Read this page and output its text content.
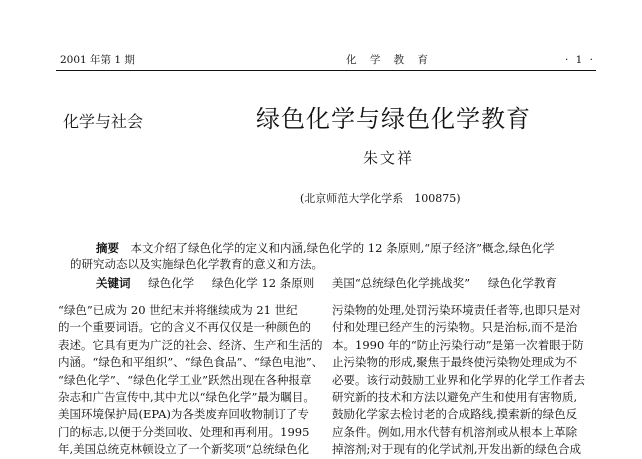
2001 年第 1 期	化 学 教 育	· 1 ·
化学与社会	绿色化学与绿色化学教育
朱文祥
(北京师范大学化学系　100875)
摘要　 本文介绍了绿色化学的定义和内涵,绿色化学的 12 条原则,“原子经济”概念,绿色化学
的研究动态以及实施绿色化学教育的意义和方法。
关键词 绿色化学 绿色化学 12 条原则 美国“总统绿色化学挑战奖” 绿色化学教育
“绿色”已成为 20 世纪末并将继续成为 21 世纪
的一个重要词语。它的含义不再仅仅是一种颜色的
表述。它具有更为广泛的社会、经济、生产和生活的
内涵。“绿色和平组织”、“绿色食品”、“绿色电池”、
“绿色化学”、“绿色化学工业”跃然出现在各种报章
杂志和广告宣传中,其中尤以“绿色化学”最为瞩目。
美国环境保护局(EPA)为各类废弃回收物制订了专
门的标志,以便于分类回收、处理和再利用。1995
年,美国总统克林顿设立了一个新奖项“总统绿色化
污染物的处理,处罚污染环境责任者等,也即只是对
付和处理已经产生的污染物。只是治标,而不是治
本。1990 年的“防止污染行动”是第一次着眼于防
止污染物的形成,聚焦于最终使污染物处理成为不
必要。该行动鼓励工业界和化学界的化学工作者去
研究新的技术和方法以避免产生和使用有害物质,
鼓励化学家去检讨老的合成路线,摸索新的绿色反
应条件。例如,用水代替有机溶剂或从根本上革除
掉溶剂;对于现有的化学试剂,开发出新的绿色合成
